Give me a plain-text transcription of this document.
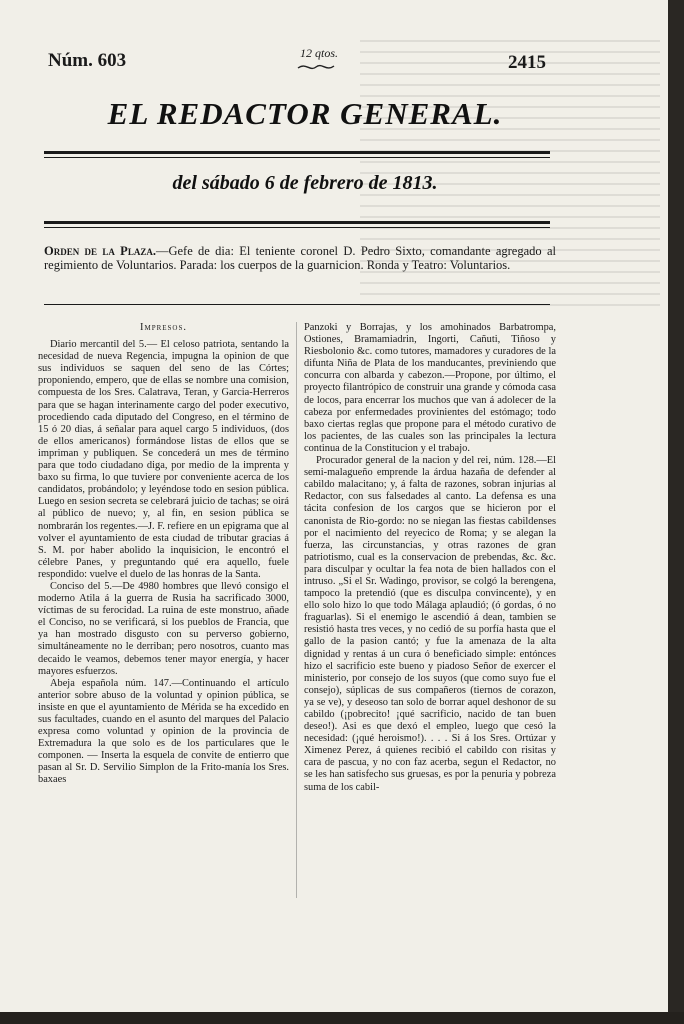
Núm. 603	12 qtos.	2415
EL REDACTOR GENERAL.
del sábado 6 de febrero de 1813.
Orden de la Plaza.—Gefe de dia: El teniente coronel D. Pedro Sixto, comandante agregado al regimiento de Voluntarios. Parada: los cuerpos de la guarnicion. Ronda y Teatro: Voluntarios.

Impresos.

Diario mercantil del 5.— El celoso patriota, sentando la necesidad de nueva Regencia, impugna la opinion de que sus individuos se saquen del seno de las Córtes; proponiendo, empero, que de ellas se nombre una comision, compuesta de los Sres. Calatrava, Teran, y Garcia-Herreros para que se hagan interinamente cargo del poder executivo, procediendo cada diputado del Congreso, en el término de 15 ó 20 dias, á señalar para aquel cargo 5 individuos, (dos de ellos americanos) formándose listas de ellos que se impriman y publiquen. Se concederá un mes de término para que todo ciudadano diga, por medio de la imprenta y baxo su firma, lo que tuviere por conveniente acerca de los candidatos, probándolo; y leyéndose todo en sesion pública. Luego en sesion secreta se celebrará juicio de tachas; se oirá al público de nuevo; y, al fin, en sesion pública se nombrarán los regentes.—J. F. refiere en un epigrama que al volver el ayuntamiento de esta ciudad de tributar gracias á S. M. por haber abolido la inquisicion, le encontró el célebre Panes, y preguntando qué era aquello, fuele respondido: vuelve el duelo de las honras de la Santa.

Conciso del 5.—De 4980 hombres que llevó consigo el moderno Atila á la guerra de Rusia ha sacrificado 3000, víctimas de su ferocidad. La ruina de este monstruo, añade el Conciso, no se verificará, si los pueblos de Francia, que ya han mostrado disgusto con su perverso gobierno, simultáneamente no le derriban; pero nosotros, cuanto mas decaido le veamos, debemos tener mayor energía, y hacer mayores esfuerzos.

Abeja española núm. 147.—Continuando el artículo anterior sobre abuso de la voluntad y opinion pública, se insiste en que el ayuntamiento de Mérida se ha excedido en sus facultades, cuando en el asunto del marques del Palacio expresa como voluntad y opinion de la provincia de Extremadura la que solo es de los particulares que le componen. — Inserta la esquela de convite de entierro que pasan al Sr. D. Servilio Simplon de la Frito-manía los Sres. baxaes

Panzoki y Borrajas, y los amohinados Barbatrompa, Ostiones, Bramamiadrin, Ingorti, Cañuti, Tiñoso y Riesbolonio &c. como tutores, mamadores y curadores de la difunta Niña de Plata de los manducantes, previniendo que concurra con albarda y cabezon.—Propone, por último, el proyecto filantrópico de construir una grande y cómoda casa de locos, para encerrar los muchos que van á adolecer de la cabeza por enfermedades provinientes del estómago; todo baxo ciertas reglas que propone para el método curativo de los pacientes, de las cuales son las principales la lectura continua de la Constitucion y el trabajo.

Procurador general de la nacion y del rei, núm. 128.—El semi-malagueño emprende la árdua hazaña de defender al cabildo malacitano; y, á falta de razones, sobran injurias al Redactor, con sus falsedades al canto. La defensa es una tácita confesion de los cargos que se hicieron por el canonista de Rio-gordo: no se niegan las fiestas cabildenses por el nacimiento del reyecico de Roma; y se alegan la fuerza, las circunstancias, y otras razones de gran patriotismo, cual es la conservacion de prebendas, &c. &c. para disculpar y ocultar la fea nota de bien hallados con el intruso. „Si el Sr. Wadingo, provisor, se colgó la berengena, tampoco la pretendió (que es disculpa convincente), y en ello solo hizo lo que todo Málaga aplaudió; (ó gordas, ó no fraguarlas). Si el enemigo le ascendió á dean, tambien se resistió hasta tres veces, y no cedió de su porfía hasta que el gallo de la pasion cantó; y fue la amenaza de la alta dignidad y rentas á un cura ó beneficiado simple: entónces hizo el sacrificio este bueno y piadoso Señor de exercer el ministerio, por consejo de los suyos (que como suyo fue el consejo), súplicas de sus compañeros (tiernos de corazon, ya se ve), y deseoso tan solo de borrar aquel deshonor de su cabildo (¡pobrecito! ¡qué sacrificio, nacido de tan buen deseo!). Asi es que dexó el empleo, luego que cesó la necesidad: (¡qué heroismo!). . . . Si á los Sres. Ortúzar y Ximenez Perez, á quienes recibió el cabildo con risitas y cara de pascua, y no con faz acerba, segun el Redactor, no se les han satisfecho sus gruesas, es por la penuria y pobreza suma de los cabil-
